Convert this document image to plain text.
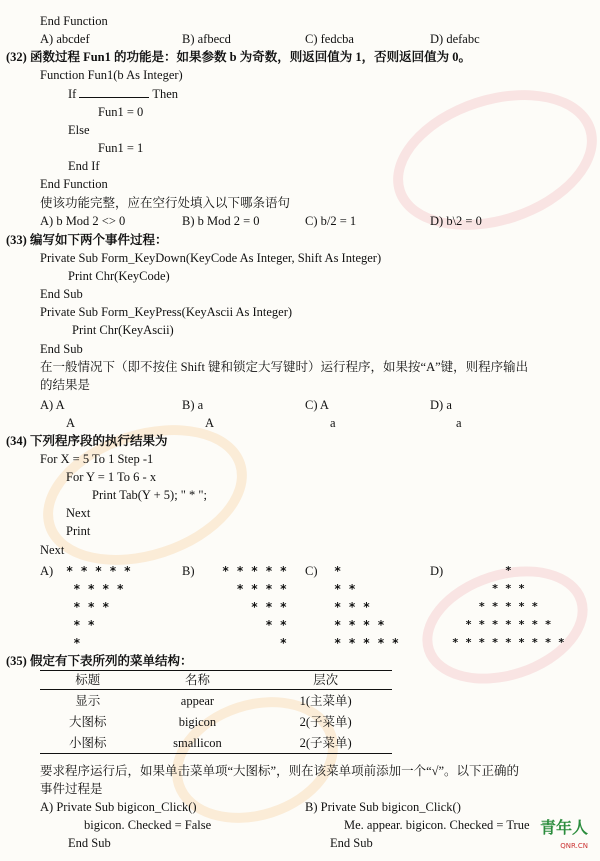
End Function
A) abcdef	B) afbecd	C) fedcba	D) defabc
(32) 函数过程 Fun1 的功能是：如果参数 b 为奇数，则返回值为 1，否则返回值为 0。
Function Fun1(b As Integer)
If	Then
Fun1 = 0
Else
Fun1 = 1
End If
End Function
使该功能完整，应在空行处填入以下哪条语句
A) b Mod 2 <> 0	B) b Mod 2 = 0	C) b/2 = 1	D) b\2 = 0
(33) 编写如下两个事件过程：
Private Sub Form_KeyDown(KeyCode As Integer, Shift As Integer)
Print Chr(KeyCode)
End Sub
Private Sub Form_KeyPress(KeyAscii As Integer)
Print Chr(KeyAscii)
End Sub
在一般情况下（即不按住 Shift 键和锁定大写键时）运行程序，如果按“A”键，则程序输出
的结果是
A) A
A
B) a
A
C) A
a
D) a
a
(34) 下列程序段的执行结果为
For X = 5 To 1 Step -1
For Y = 1 To 6 - x
Print Tab(Y + 5); " * ";
Next
Print
Next
A) * * * * *
* * * *
* * *
* *
*
B) * * * * *
* * * *
* * *
* *
*
C) *
* *
* * *
* * * *
* * * * *
D)	*
* * *
* * * * *
* * * * * * *
* * * * * * * * *
(35) 假定有下表所列的菜单结构：
标题	名称	层次
显示	appear	1(主菜单)
大图标	bigicon	2(子菜单)
小图标	smallicon	2(子菜单)
要求程序运行后，如果单击菜单项“大图标”，则在该菜单项前添加一个“√”。以下正确的
事件过程是
A) Private Sub bigicon_Click()
bigicon. Checked = False
End Sub
B) Private Sub bigicon_Click()
Me. appear. bigicon. Checked = True
End Sub
青年人
QNR.CN
